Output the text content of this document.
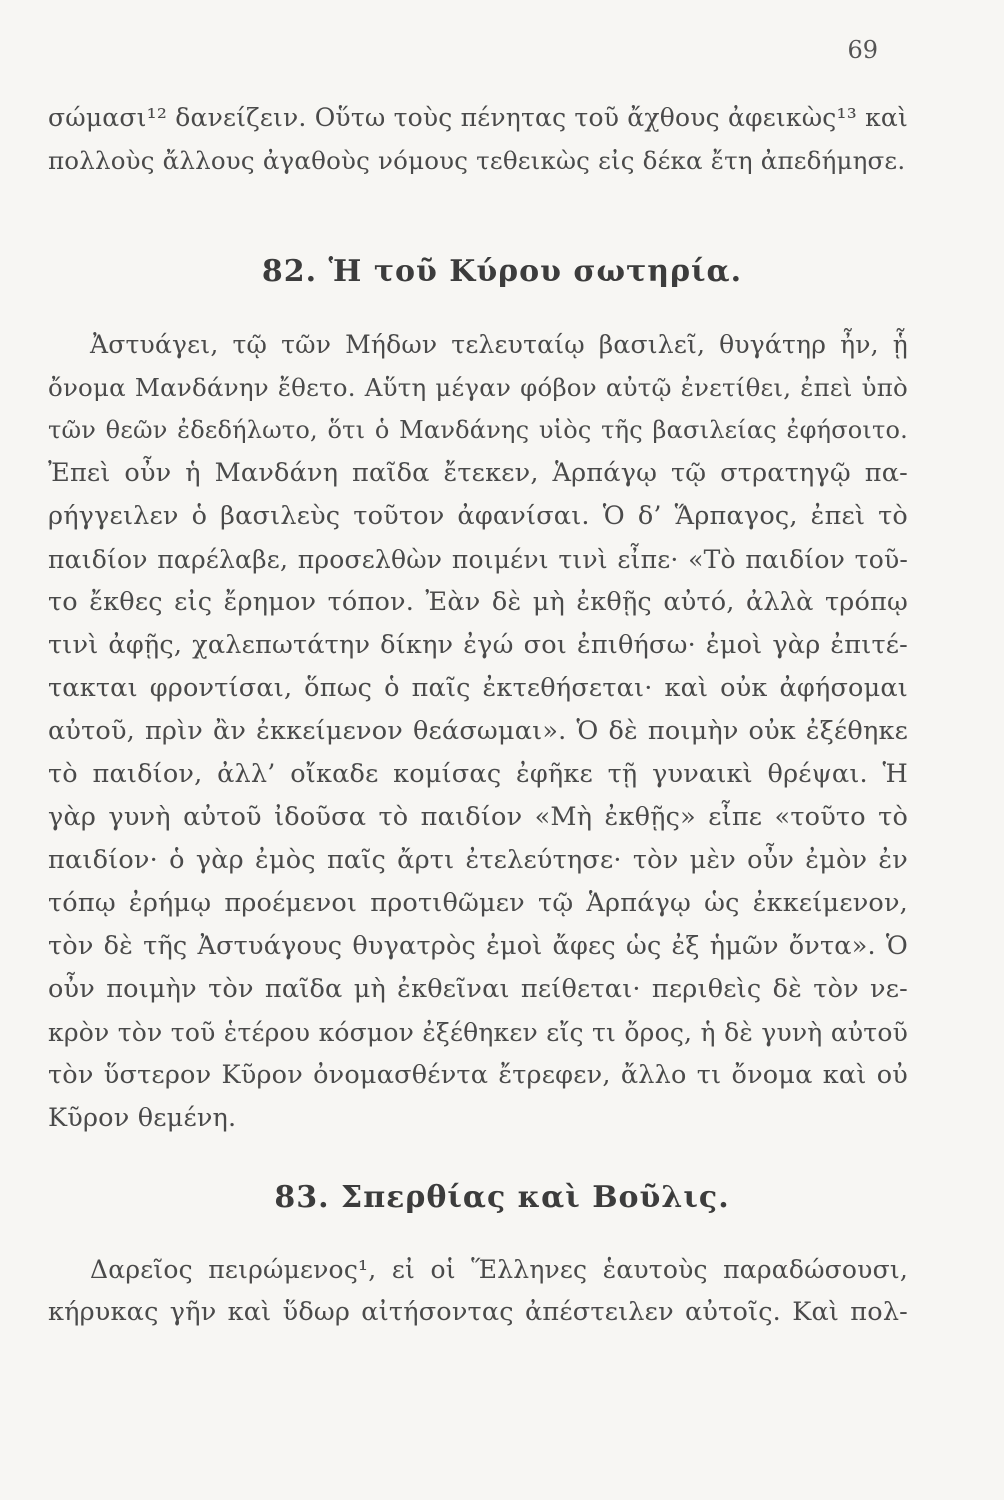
69
σώμασι¹² δανείζειν. Οὕτω τοὺς πένητας τοῦ ἄχθους ἀφεικὼς¹³ καὶ
πολλοὺς ἄλλους ἀγαθοὺς νόμους τεθεικὼς εἰς δέκα ἔτη ἀπεδήμησε.
82. Ἡ τοῦ Κύρου σωτηρία.
Ἀστυάγει, τῷ τῶν Μήδων τελευταίῳ βασιλεῖ, θυγάτηρ ἦν, ᾗ
ὄνομα Μανδάνην ἔθετο. Αὕτη μέγαν φόβον αὐτῷ ἐνετίθει, ἐπεὶ ὑπὸ
τῶν θεῶν ἐδεδήλωτο, ὅτι ὁ Μανδάνης υἱὸς τῆς βασιλείας ἐφήσοιτο.
Ἐπεὶ οὖν ἡ Μανδάνη παῖδα ἔτεκεν, Ἁρπάγῳ τῷ στρατηγῷ πα-
ρήγγειλεν ὁ βασιλεὺς τοῦτον ἀφανίσαι. Ὁ δ’ Ἅρπαγος, ἐπεὶ τὸ
παιδίον παρέλαβε, προσελθὼν ποιμένι τινὶ εἶπε· «Τὸ παιδίον τοῦ-
το ἔκθες εἰς ἔρημον τόπον. Ἐὰν δὲ μὴ ἐκθῇς αὐτό, ἀλλὰ τρόπῳ
τινὶ ἀφῇς, χαλεπωτάτην δίκην ἐγώ σοι ἐπιθήσω· ἐμοὶ γὰρ ἐπιτέ-
τακται φροντίσαι, ὅπως ὁ παῖς ἐκτεθήσεται· καὶ οὐκ ἀφήσομαι
αὐτοῦ, πρὶν ἂν ἐκκείμενον θεάσωμαι». Ὁ δὲ ποιμὴν οὐκ ἐξέθηκε
τὸ παιδίον, ἀλλ’ οἴκαδε κομίσας ἐφῆκε τῇ γυναικὶ θρέψαι. Ἡ
γὰρ γυνὴ αὐτοῦ ἰδοῦσα τὸ παιδίον «Μὴ ἐκθῇς» εἶπε «τοῦτο τὸ
παιδίον· ὁ γὰρ ἐμὸς παῖς ἄρτι ἐτελεύτησε· τὸν μὲν οὖν ἐμὸν ἐν
τόπῳ ἐρήμῳ προέμενοι προτιθῶμεν τῷ Ἁρπάγῳ ὡς ἐκκείμενον,
τὸν δὲ τῆς Ἀστυάγους θυγατρὸς ἐμοὶ ἄφες ὡς ἐξ ἡμῶν ὄντα». Ὁ
οὖν ποιμὴν τὸν παῖδα μὴ ἐκθεῖναι πείθεται· περιθεὶς δὲ τὸν νε-
κρὸν τὸν τοῦ ἑτέρου κόσμον ἐξέθηκεν εἴς τι ὄρος, ἡ δὲ γυνὴ αὐτοῦ
τὸν ὕστερον Κῦρον ὀνομασθέντα ἔτρεφεν, ἄλλο τι ὄνομα καὶ οὐ
Κῦρον θεμένη.
83. Σπερθίας καὶ Βοῦλις.
Δαρεῖος πειρώμενος¹, εἰ οἱ Ἕλληνες ἑαυτοὺς παραδώσουσι,
κήρυκας γῆν καὶ ὕδωρ αἰτήσοντας ἀπέστειλεν αὐτοῖς. Καὶ πολ-
